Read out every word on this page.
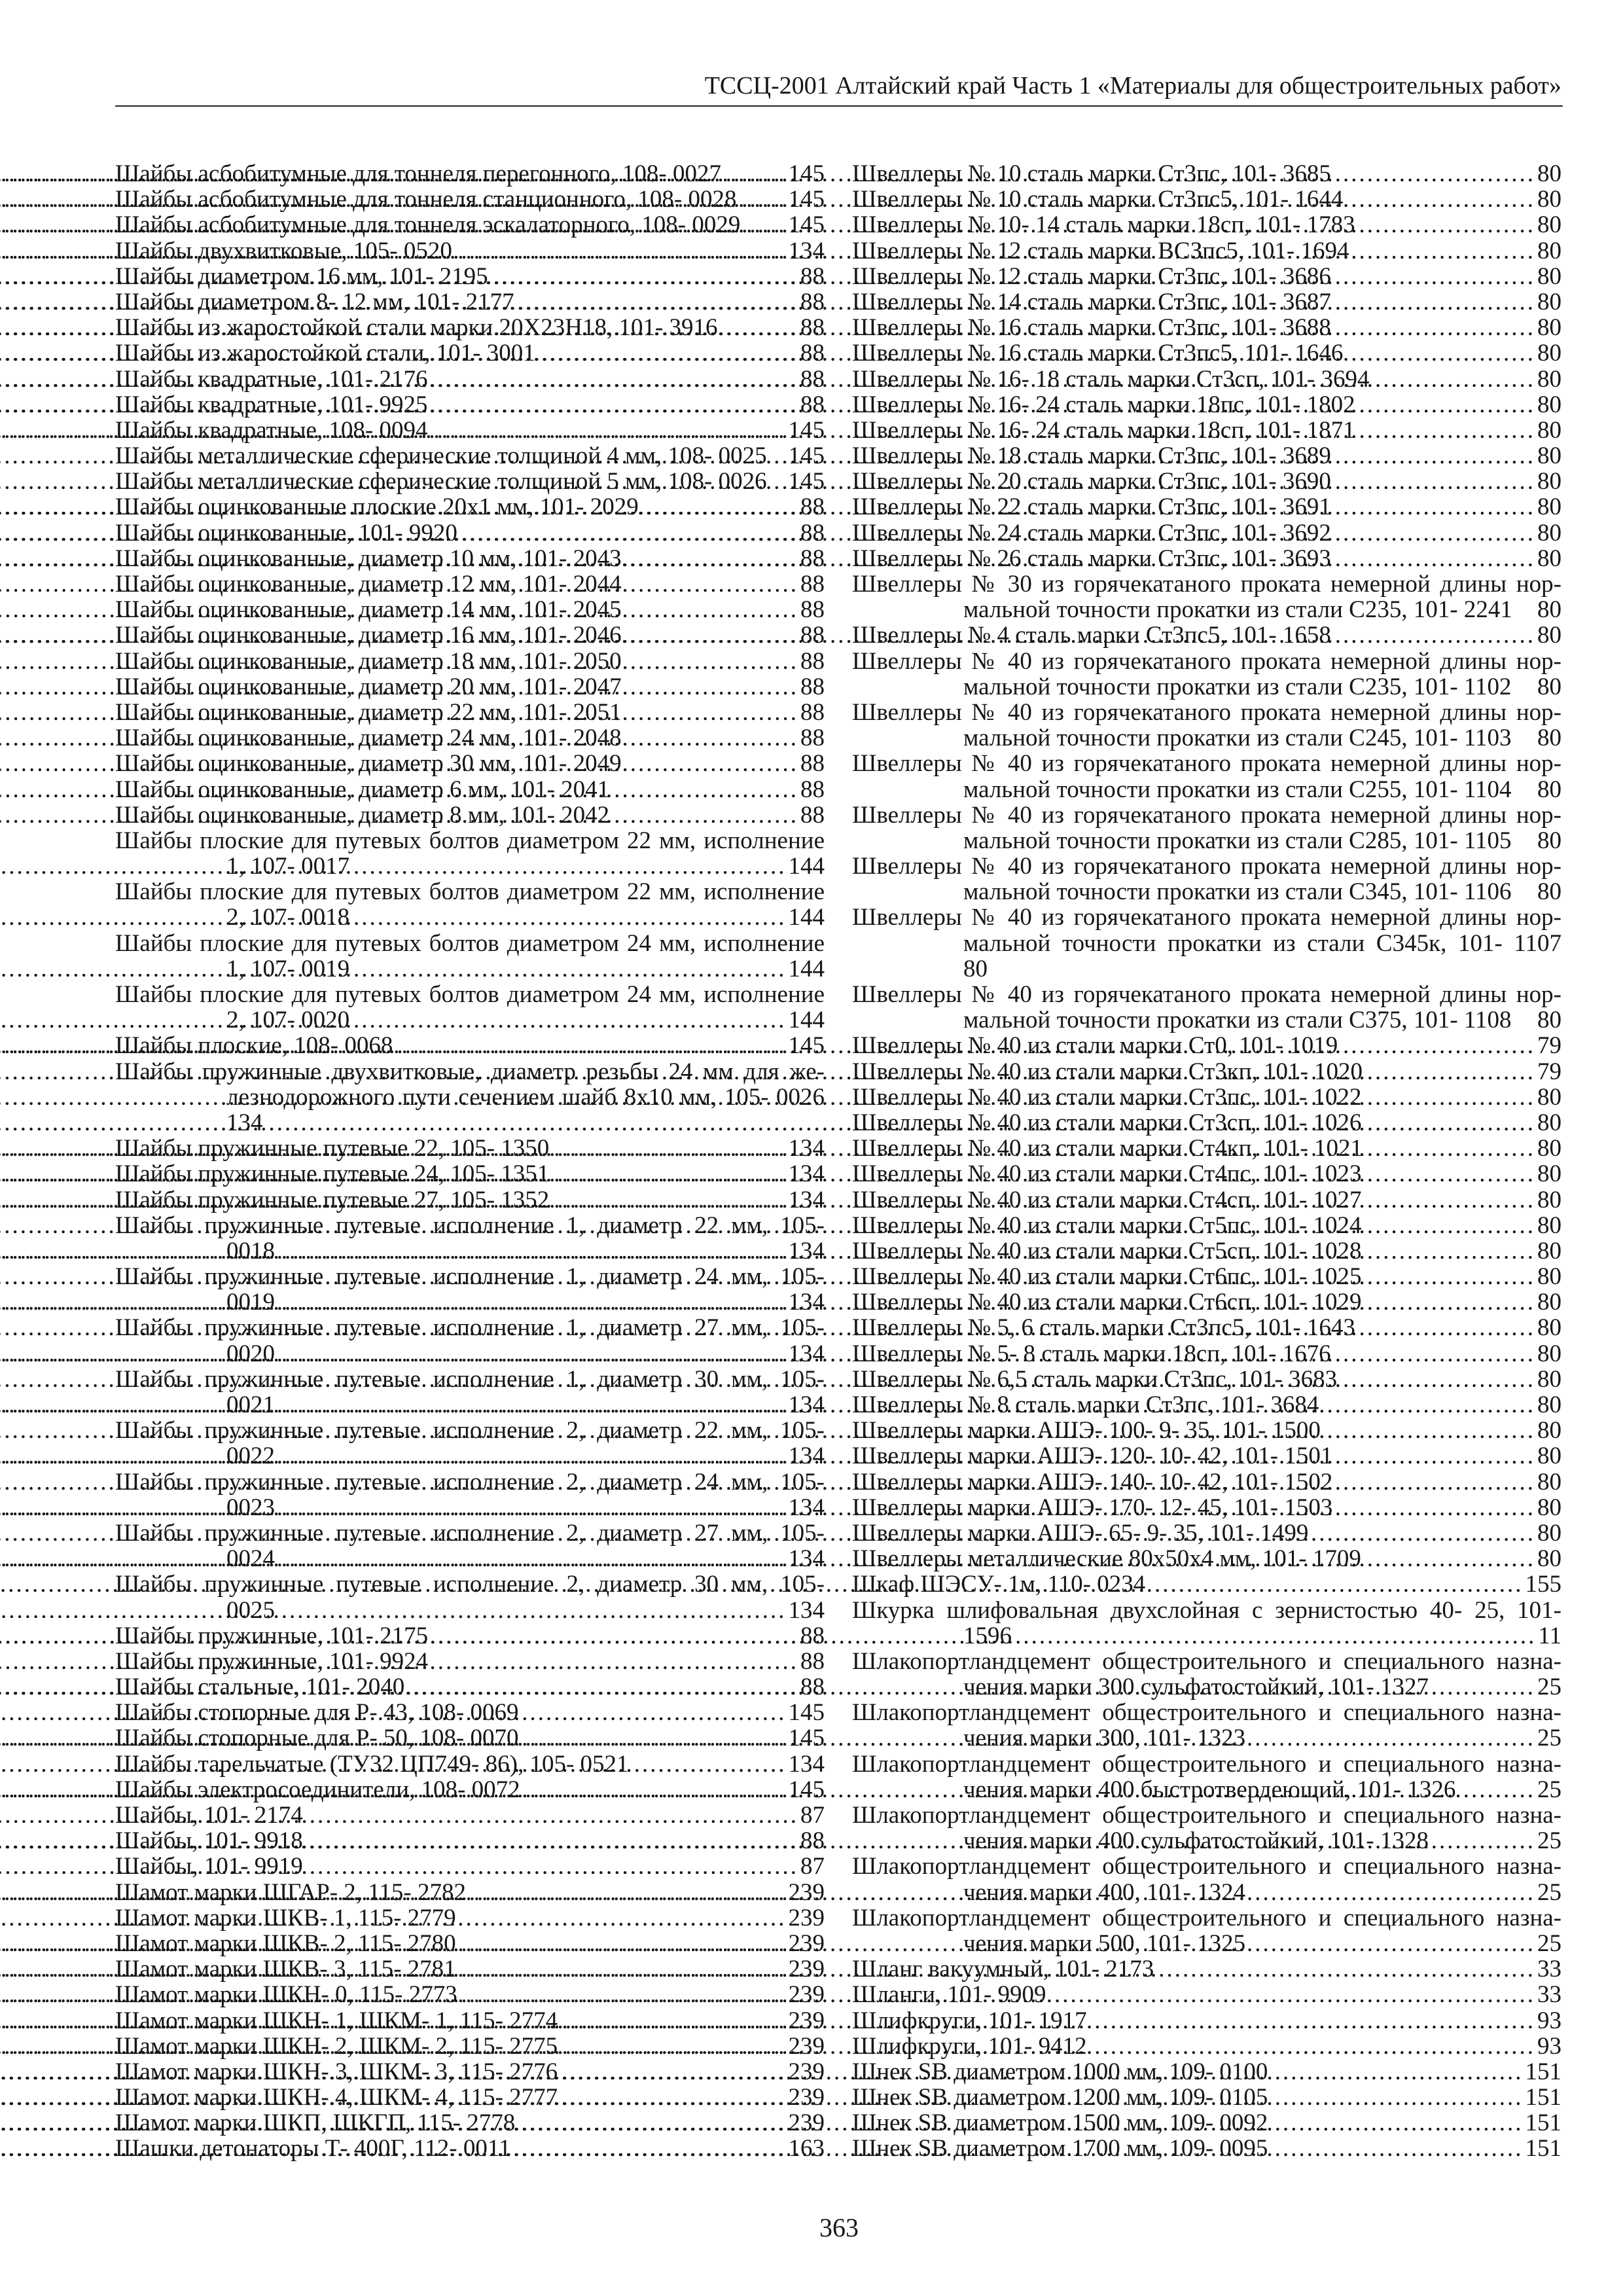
ТССЦ-2001 Алтайский край Часть 1 «Материалы для общестроительных работ»
Шайбы асбобитумные для тоннеля перегонного, 108- 0027 .....	145
Шайбы асбобитумные для тоннеля станционного, 108- 0028 ..... 145
Шайбы асбобитумные для тоннеля эскалаторного, 108- 0029 ..... 145
Шайбы двухвитковые, 105- 0520 .....	134
Шайбы диаметром 16 мм, 101- 2195 .....	88
Шайбы диаметром 8- 12 мм, 101- 2177 .....	88
Шайбы из жаростойкой стали марки 20Х23Н18, 101- 3916 .....	88
Шайбы из жаростойкой стали, 101- 3001 .....	88
Шайбы квадратные, 101- 2176 .....	88
Шайбы квадратные, 101- 9925 .....	88
Шайбы квадратные, 108- 0094 .....	145
Шайбы металлические сферические толщиной 4 мм, 108- 0025 145
Шайбы металлические сферические толщиной 5 мм, 108- 0026 145
Шайбы оцинкованные плоские 20х1 мм, 101- 2029 .....	88
Шайбы оцинкованные, 101- 9920 .....	88
Шайбы оцинкованные, диаметр 10 мм, 101- 2043 .....	88
Шайбы оцинкованные, диаметр 12 мм, 101- 2044 .....	88
Шайбы оцинкованные, диаметр 14 мм, 101- 2045 .....	88
Шайбы оцинкованные, диаметр 16 мм, 101- 2046 .....	88
Шайбы оцинкованные, диаметр 18 мм, 101- 2050 .....	88
Шайбы оцинкованные, диаметр 20 мм, 101- 2047 .....	88
Шайбы оцинкованные, диаметр 22 мм, 101- 2051 .....	88
Шайбы оцинкованные, диаметр 24 мм, 101- 2048 .....	88
Шайбы оцинкованные, диаметр 30 мм, 101- 2049 .....	88
Шайбы оцинкованные, диаметр 6 мм, 101- 2041 .....	88
Шайбы оцинкованные, диаметр 8 мм, 101- 2042 .....	88
Шайбы плоские для путевых болтов диаметром 22 мм, исполнение
1, 107- 0017 .....	144
Шайбы плоские для путевых болтов диаметром 22 мм, исполнение
2, 107- 0018 .....	144
Шайбы плоские для путевых болтов диаметром 24 мм, исполнение
1, 107- 0019 .....	144
Шайбы плоские для путевых болтов диаметром 24 мм, исполнение
2, 107- 0020 .....	144
Шайбы плоские, 108- 0068 .....	145
Шайбы пружинные двухвитковые, диаметр резьбы 24 мм для же-
лезнодорожного пути сечением шайб 8х10 мм, 105- 0026
134
Шайбы пружинные путевые 22, 105- 1350 .....	134
Шайбы пружинные путевые 24, 105- 1351 .....	134
Шайбы пружинные путевые 27, 105- 1352 .....	134
Шайбы пружинные путевые исполнение 1, диаметр 22 мм, 105-
0018 .....	134
Шайбы пружинные путевые исполнение 1, диаметр 24 мм, 105-
0019 .....	134
Шайбы пружинные путевые исполнение 1, диаметр 27 мм, 105-
0020 .....	134
Шайбы пружинные путевые исполнение 1, диаметр 30 мм, 105-
0021 .....	134
Шайбы пружинные путевые исполнение 2, диаметр 22 мм, 105-
0022 .....	134
Шайбы пружинные путевые исполнение 2, диаметр 24 мм, 105-
0023 .....	134
Шайбы пружинные путевые исполнение 2, диаметр 27 мм, 105-
0024 .....	134
Шайбы пружинные путевые исполнение 2, диаметр 30 мм, 105-
0025 .....	134
Шайбы пружинные, 101- 2175 .....	88
Шайбы пружинные, 101- 9924 .....	88
Шайбы стальные, 101- 2040 .....	88
Шайбы стопорные для Р- 43, 108- 0069 .....	145
Шайбы стопорные для Р- 50, 108- 0070 .....	145
Шайбы тарельчатые (ТУ32 ЦП749- 86), 105- 0521 .....	134
Шайбы электросоединители, 108- 0072 .....	145
Шайбы, 101- 2174 .....	87
Шайбы, 101- 9918 .....	88
Шайбы, 101- 9919 .....	87
Шамот марки ШГАР- 2, 115- 2782 .....	239
Шамот марки ШКВ- 1, 115- 2779 .....	239
Шамот марки ШКВ- 2, 115- 2780 .....	239
Шамот марки ШКВ- 3, 115- 2781 .....	239
Шамот марки ШКН- 0, 115- 2773 .....	239
Шамот марки ШКН- 1, ШКМ- 1, 115- 2774 .....	239
Шамот марки ШКН- 2, ШКМ- 2, 115- 2775 .....	239
Шамот марки ШКН- 3, ШКМ- 3, 115- 2776 .....	239
Шамот марки ШКН- 4, ШКМ- 4, 115- 2777 .....	239
Шамот марки ШКП, ШКГП, 115- 2778 .....	239
Шашки детонаторы Т- 400Г, 112- 0011 .....	163
Швеллеры № 10 сталь марки Ст3пс, 101- 3685 .....	80
Швеллеры № 10 сталь марки Ст3пс5, 101- 1644 .....	80
Швеллеры № 10- 14 сталь марки 18сп, 101- 1783 .....	80
Швеллеры № 12 сталь марки ВСЗпс5, 101- 1694 .....	80
Швеллеры № 12 сталь марки Ст3пс, 101- 3686 .....	80
Швеллеры № 14 сталь марки Ст3пс, 101- 3687 .....	80
Швеллеры № 16 сталь марки Ст3пс, 101- 3688 .....	80
Швеллеры № 16 сталь марки Ст3пс5, 101- 1646 .....	80
Швеллеры № 16- 18 сталь марки Ст3сп, 101- 3694 .....	80
Швеллеры № 16- 24 сталь марки 18пс, 101- 1802 .....	80
Швеллеры № 16- 24 сталь марки 18сп, 101- 1871 .....	80
Швеллеры № 18 сталь марки Ст3пс, 101- 3689 .....	80
Швеллеры № 20 сталь марки Ст3пс, 101- 3690 .....	80
Швеллеры № 22 сталь марки Ст3пс, 101- 3691 .....	80
Швеллеры № 24 сталь марки Ст3пс, 101- 3692 .....	80
Швеллеры № 26 сталь марки Ст3пс, 101- 3693 .....	80
Швеллеры № 30 из горячекатаного проката немерной длины нор-
мальной точности прокатки из стали С235, 101- 2241 80
Швеллеры № 4 сталь марки Ст3пс5, 101- 1658 .....	80
Швеллеры № 40 из горячекатаного проката немерной длины нор-
мальной точности прокатки из стали С235, 101- 1102 80
Швеллеры № 40 из горячекатаного проката немерной длины нор-
мальной точности прокатки из стали С245, 101- 1103 80
Швеллеры № 40 из горячекатаного проката немерной длины нор-
мальной точности прокатки из стали С255, 101- 1104 80
Швеллеры № 40 из горячекатаного проката немерной длины нор-
мальной точности прокатки из стали С285, 101- 1105 80
Швеллеры № 40 из горячекатаного проката немерной длины нор-
мальной точности прокатки из стали С345, 101- 1106 80
Швеллеры № 40 из горячекатаного проката немерной длины нор-
мальной точности прокатки из стали С345к, 101- 1107
80
Швеллеры № 40 из горячекатаного проката немерной длины нор-
мальной точности прокатки из стали С375, 101- 1108 80
Швеллеры № 40 из стали марки Ст0, 101- 1019 .....	79
Швеллеры № 40 из стали марки Ст3кп, 101- 1020 .....	79
Швеллеры № 40 из стали марки Ст3пс, 101- 1022 .....	80
Швеллеры № 40 из стали марки Ст3сп, 101- 1026 .....	80
Швеллеры № 40 из стали марки Ст4кп, 101- 1021 .....	80
Швеллеры № 40 из стали марки Ст4пс, 101- 1023 .....	80
Швеллеры № 40 из стали марки Ст4сп, 101- 1027 .....	80
Швеллеры № 40 из стали марки Ст5пс, 101- 1024 .....	80
Швеллеры № 40 из стали марки Ст5сп, 101- 1028 .....	80
Швеллеры № 40 из стали марки Ст6пс, 101- 1025 .....	80
Швеллеры № 40 из стали марки Ст6сп, 101- 1029 .....	80
Швеллеры № 5, 6 сталь марки Ст3пс5, 101- 1643 .....	80
Швеллеры № 5- 8 сталь марки 18сп, 101- 1676 .....	80
Швеллеры № 6,5 сталь марки Ст3пс, 101- 3683 .....	80
Швеллеры № 8 сталь марки Ст3пс, 101- 3684 .....	80
Швеллеры марки АШЭ- 100- 9- 35, 101- 1500 .....	80
Швеллеры марки АШЭ- 120- 10- 42, 101- 1501 .....	80
Швеллеры марки АШЭ- 140- 10- 42, 101- 1502 .....	80
Швеллеры марки АШЭ- 170- 12- 45, 101- 1503 .....	80
Швеллеры марки АШЭ- 65- 9- 35, 101- 1499 .....	80
Швеллеры металлические 80х50х4 мм, 101- 1709 .....	80
Шкаф ШЭСУ- 1м, 110- 0234 .....	155
Шкурка шлифовальная двухслойная с зернистостью 40- 25, 101-
1596 .....	11
Шлакопортландцемент общестроительного и специального назна-
чения марки 300 сульфатостойкий, 101- 1327 .....	25
Шлакопортландцемент общестроительного и специального назна-
чения марки 300, 101- 1323 .....	25
Шлакопортландцемент общестроительного и специального назна-
чения марки 400 быстротвердеющий, 101- 1326 .....	25
Шлакопортландцемент общестроительного и специального назна-
чения марки 400 сульфатостойкий, 101- 1328 .....	25
Шлакопортландцемент общестроительного и специального назна-
чения марки 400, 101- 1324 .....	25
Шлакопортландцемент общестроительного и специального назна-
чения марки 500, 101- 1325 .....	25
Шланг вакуумный, 101- 2173 .....	33
Шланги, 101- 9909 .....	33
Шлифкруги, 101- 1917 .....	93
Шлифкруги, 101- 9412 .....	93
Шнек SB диаметром 1000 мм, 109- 0100 .....	151
Шнек SB диаметром 1200 мм, 109- 0105 .....	151
Шнек SB диаметром 1500 мм, 109- 0092 .....	151
Шнек SB диаметром 1700 мм, 109- 0095 .....	151
363
